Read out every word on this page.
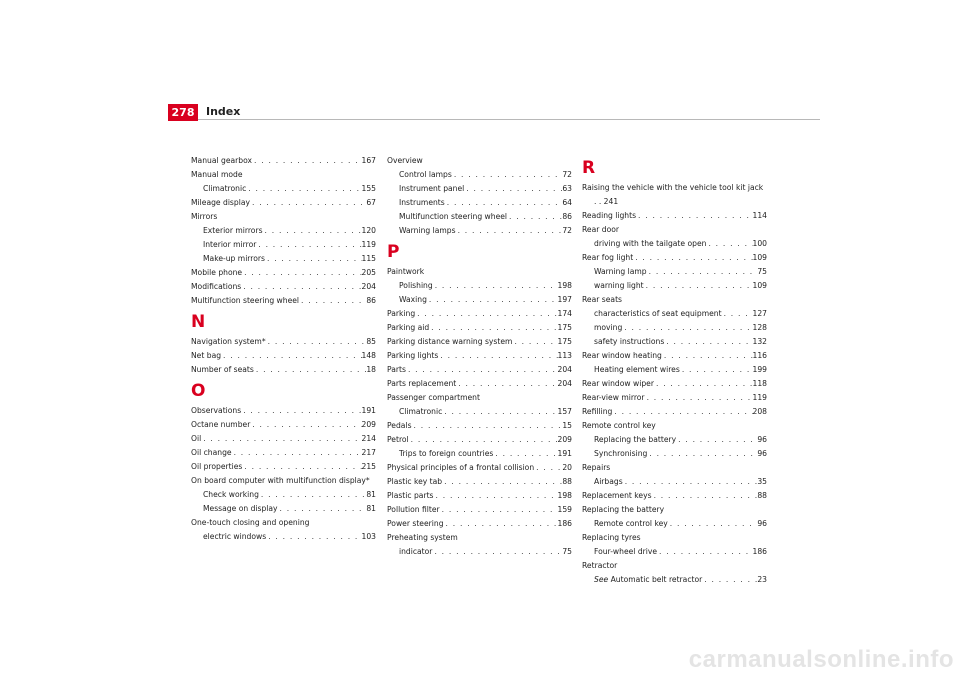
278	Index
Manual gearbox . . .	167
Manual mode
Climatronic . . .	155
Mileage display . . .	67
Mirrors
Exterior mirrors . . .	120
Interior mirror . . .	119
Make-up mirrors . . .	115
Mobile phone . . .	205
Modifications . . .	204
Multifunction steering wheel . . .	86
N
Navigation system* . . .	85
Net bag . . .	148
Number of seats . . .	18
O
Observations . . .	191
Octane number . . .	209
Oil . . .	214
Oil change . . .	217
Oil properties . . .	215
On board computer with multifunction display*
Check working . . .	81
Message on display . . .	81
One-touch closing and opening
electric windows . . .	103
Overview
Control lamps . . .	72
Instrument panel . . .	63
Instruments . . .	64
Multifunction steering wheel . . .	86
Warning lamps . . .	72
P
Paintwork
Polishing . . .	198
Waxing . . .	197
Parking . . .	174
Parking aid . . .	175
Parking distance warning system . . .	175
Parking lights . . .	113
Parts . . .	204
Parts replacement . . .	204
Passenger compartment
Climatronic . . .	157
Pedals . . .	15
Petrol . . .	209
Trips to foreign countries . . .	191
Physical principles of a frontal collision . . .	20
Plastic key tab . . .	88
Plastic parts . . .	198
Pollution filter . . .	159
Power steering . . .	186
Preheating system
indicator . . .	75
R
Raising the vehicle with the vehicle tool kit jack . . 241
Reading lights . . .	114
Rear door
driving with the tailgate open . . .	100
Rear fog light . . .	109
Warning lamp . . .	75
warning light . . .	109
Rear seats
characteristics of seat equipment . . .	127
moving . . .	128
safety instructions . . .	132
Rear window heating . . .	116
Heating element wires . . .	199
Rear window wiper . . .	118
Rear-view mirror . . .	119
Refilling . . .	208
Remote control key
Replacing the battery . . .	96
Synchronising . . .	96
Repairs
Airbags . . .	35
Replacement keys . . .	88
Replacing the battery
Remote control key . . .	96
Replacing tyres
Four-wheel drive . . .	186
Retractor
See Automatic belt retractor . . .	23
carmanualsonline.info
